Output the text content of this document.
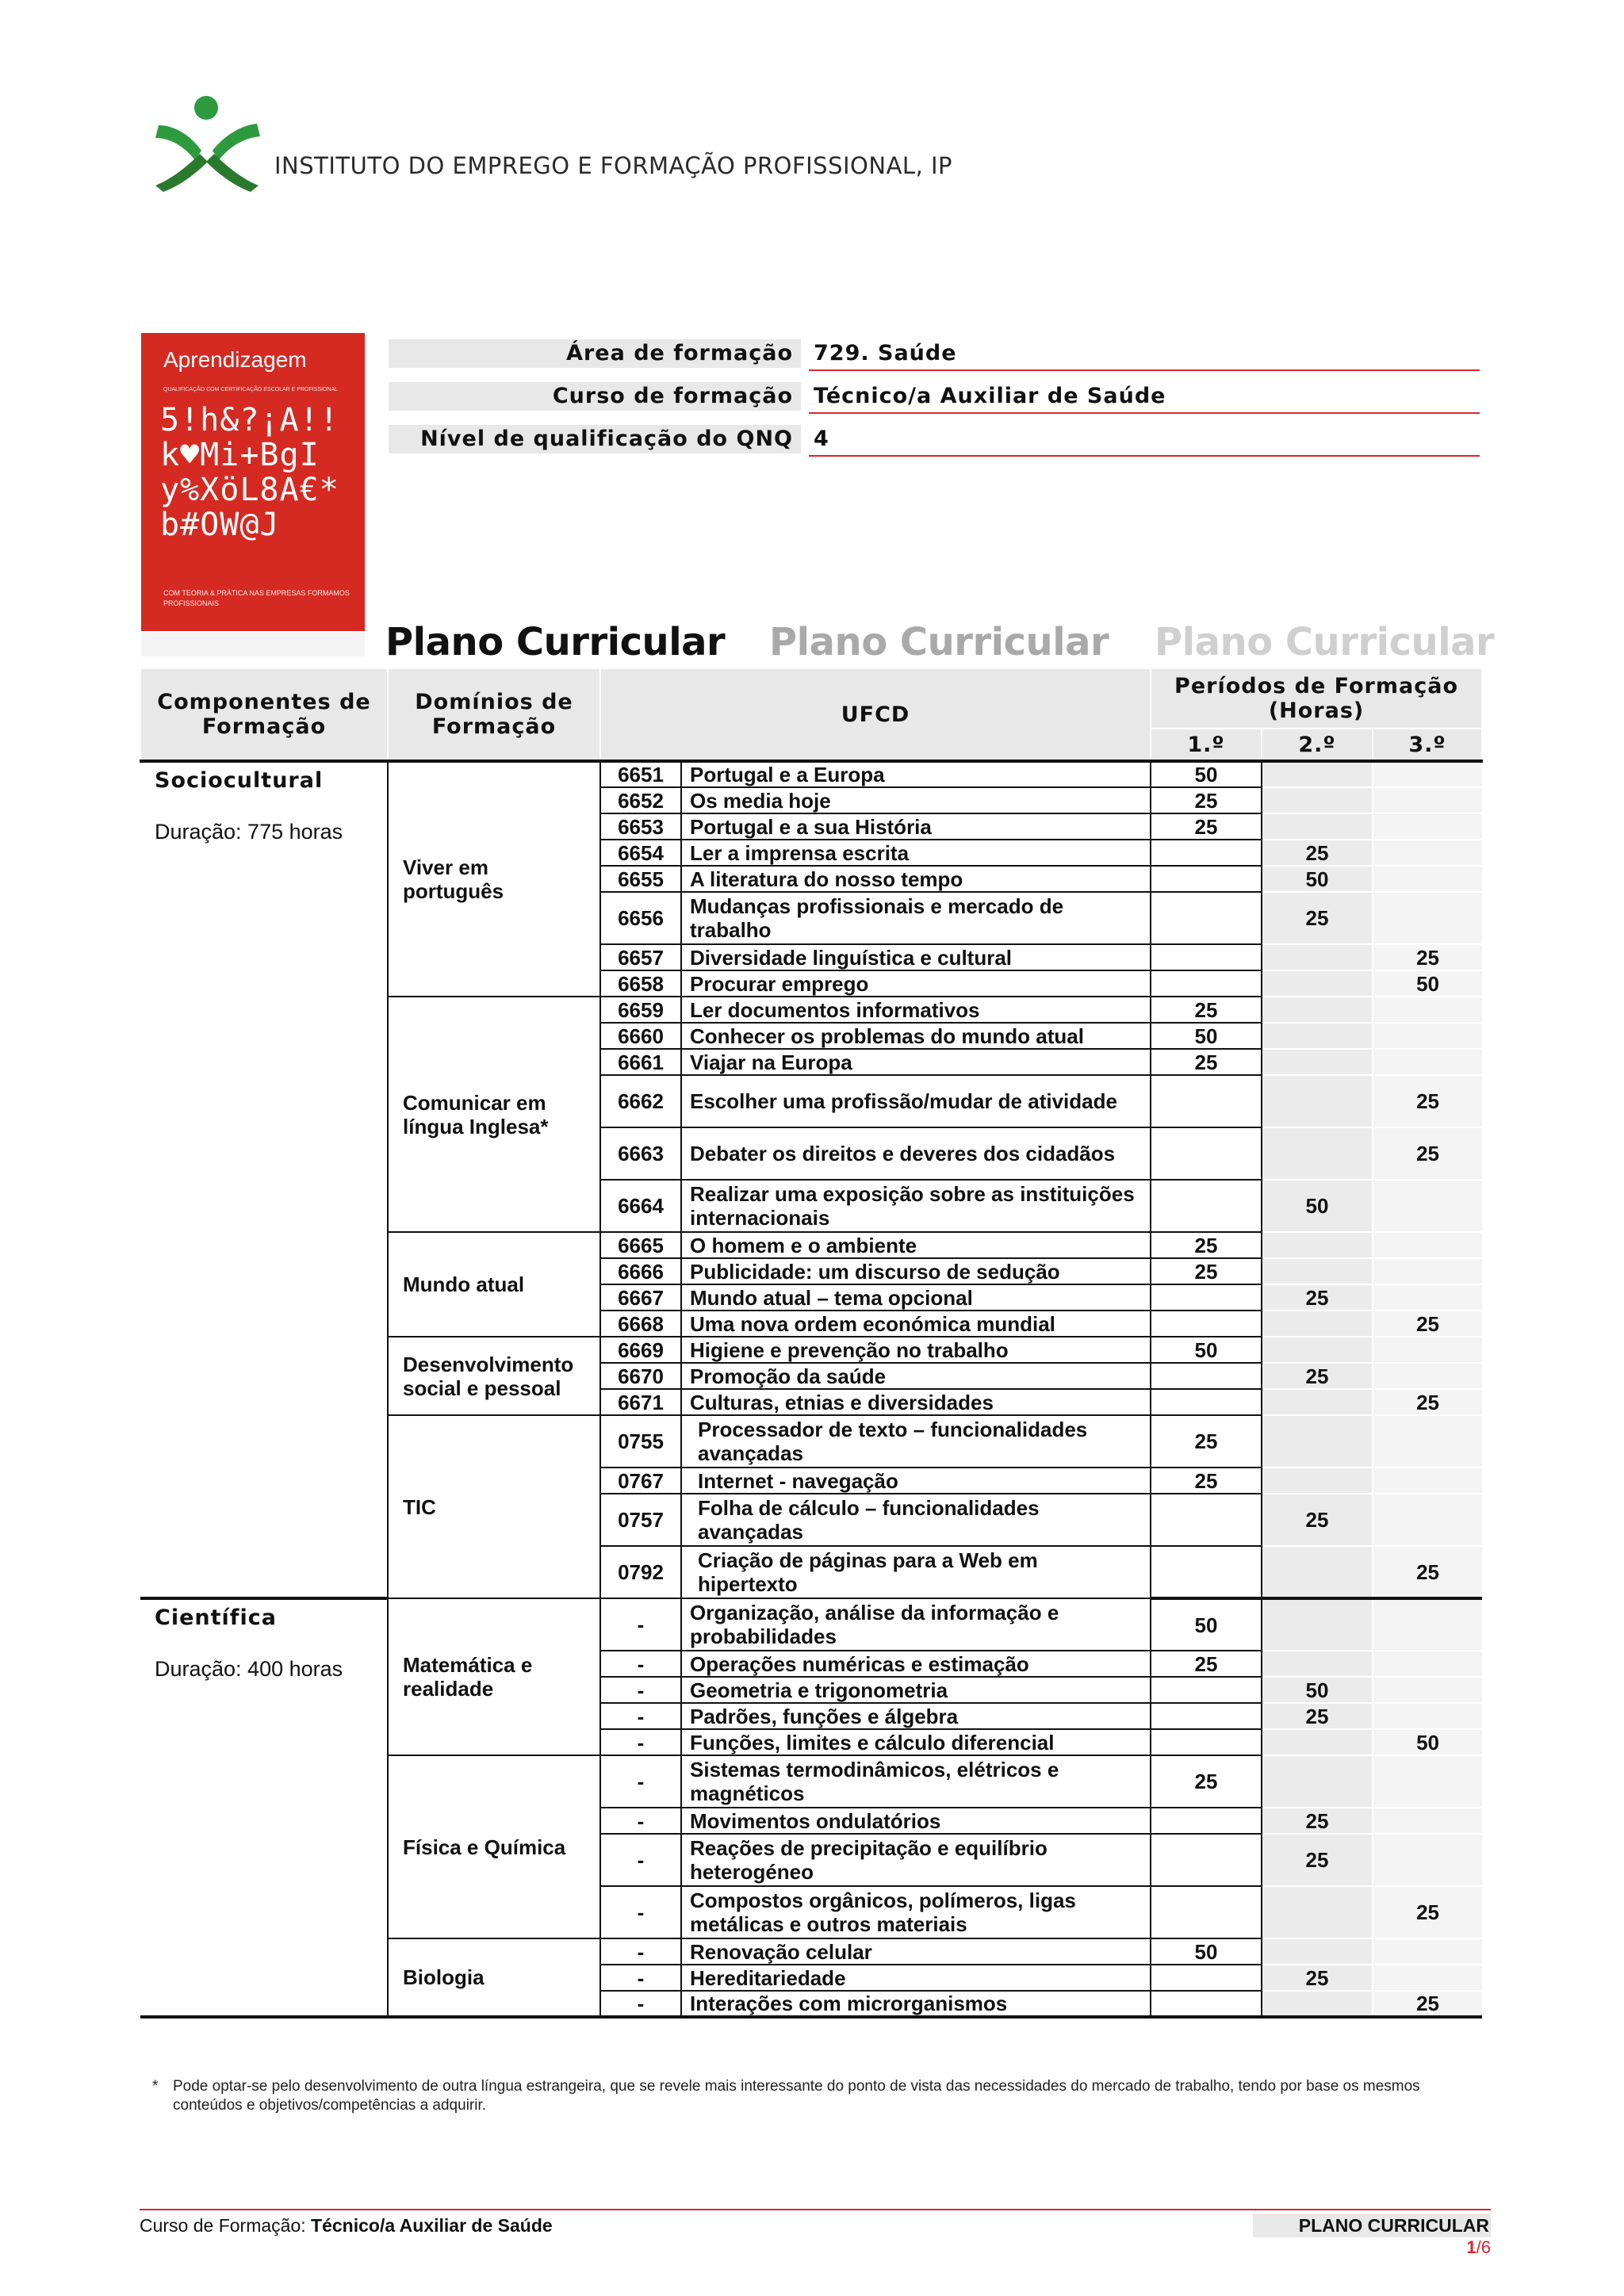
INSTITUTO DO EMPREGO E FORMAÇÃO PROFISSIONAL, IP
Aprendizagem
QUALIFICAÇÃO COM CERTIFICAÇÃO ESCOLAR E PROFISSIONAL
5!h&?¡A!!k♥Mi+BgIy%XöL8A€*b#OW@J
COM TEORIA & PRÁTICA NAS EMPRESAS FORMAMOS PROFISSIONAIS
Área de formação 729. Saúde
Curso de formação Técnico/a Auxiliar de Saúde
Nível de qualificação do QNQ 4
Plano Curricular Plano Curricular Plano Curricular
Componentes de Formação	Domínios de Formação	UFCD		Períodos de Formação (Horas)		
				1.º	2.º	3.º

Sociocultural
Duração: 775 horas	Viver em português	6651	Portugal e a Europa	50		
		6652	Os media hoje	25		
		6653	Portugal e a sua História	25		
		6654	Ler a imprensa escrita		25	
		6655	A literatura do nosso tempo		50	
		6656	Mudanças profissionais e mercado de trabalho		25	
		6657	Diversidade linguística e cultural			25
		6658	Procurar emprego			50
	Comunicar em língua Inglesa*	6659	Ler documentos informativos	25		
		6660	Conhecer os problemas do mundo atual	50		
		6661	Viajar na Europa	25		
		6662	Escolher uma profissão/mudar de atividade			25
		6663	Debater os direitos e deveres dos cidadãos			25
		6664	Realizar uma exposição sobre as instituições internacionais		50	
	Mundo atual	6665	O homem e o ambiente	25		
		6666	Publicidade: um discurso de sedução	25		
		6667	Mundo atual – tema opcional		25	
		6668	Uma nova ordem económica mundial			25
	Desenvolvimento social e pessoal	6669	Higiene e prevenção no trabalho	50		
		6670	Promoção da saúde		25	
		6671	Culturas, etnias e diversidades			25
	TIC	0755	Processador de texto – funcionalidades avançadas	25		
		0767	Internet - navegação	25		
		0757	Folha de cálculo – funcionalidades avançadas		25	
		0792	Criação de páginas para a Web em hipertexto			25

Científica
Duração: 400 horas	Matemática e realidade	-	Organização, análise da informação e probabilidades	50		
		-	Operações numéricas e estimação	25		
		-	Geometria e trigonometria		50	
		-	Padrões, funções e álgebra		25	
		-	Funções, limites e cálculo diferencial			50
	Física e Química	-	Sistemas termodinâmicos, elétricos e magnéticos	25		
		-	Movimentos ondulatórios		25	
		-	Reações de precipitação e equilíbrio heterogéneo		25	
		-	Compostos orgânicos, polímeros, ligas metálicas e outros materiais			25
	Biologia	-	Renovação celular	50		
		-	Hereditariedade		25	
		-	Interações com microrganismos			25
* Pode optar-se pelo desenvolvimento de outra língua estrangeira, que se revele mais interessante do ponto de vista das necessidades do mercado de trabalho, tendo por base os mesmos conteúdos e objetivos/competências a adquirir.
Curso de Formação: Técnico/a Auxiliar de Saúde	PLANO CURRICULAR
1/6
